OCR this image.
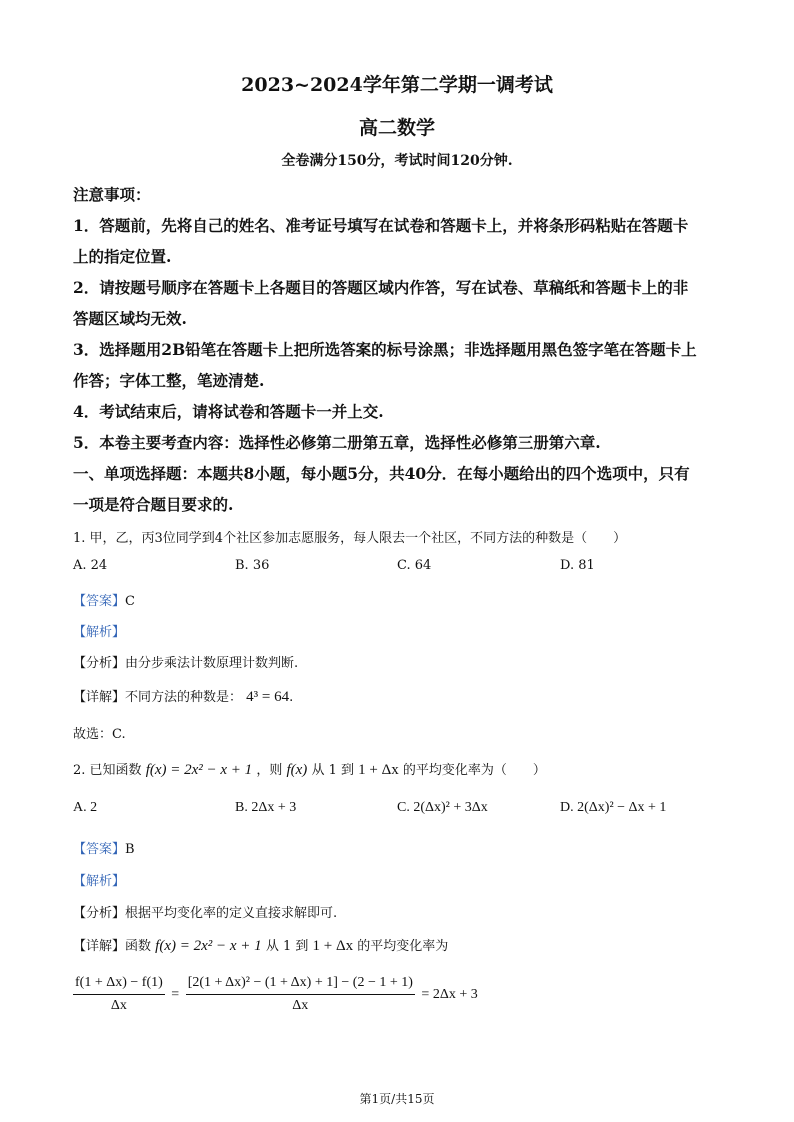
2023~2024学年第二学期一调考试
高二数学
全卷满分150分，考试时间120分钟.
注意事项：
1．答题前，先将自己的姓名、准考证号填写在试卷和答题卡上，并将条形码粘贴在答题卡
上的指定位置.
2．请按题号顺序在答题卡上各题目的答题区域内作答，写在试卷、草稿纸和答题卡上的非
答题区域均无效.
3．选择题用2B铅笔在答题卡上把所选答案的标号涂黑；非选择题用黑色签字笔在答题卡上
作答；字体工整，笔迹清楚.
4．考试结束后，请将试卷和答题卡一并上交.
5．本卷主要考查内容：选择性必修第二册第五章，选择性必修第三册第六章.
一、单项选择题：本题共8小题，每小题5分，共40分．在每小题给出的四个选项中，只有
一项是符合题目要求的.
1. 甲，乙，丙3位同学到4个社区参加志愿服务，每人限去一个社区，不同方法的种数是（　　）
A. 24	B. 36	C. 64	D. 81
【答案】C
【解析】
【分析】由分步乘法计数原理计数判断.
【详解】不同方法的种数是： 4³ = 64.
故选：C.
2. 已知函数 f(x) = 2x² − x + 1 ，则 f(x) 从 1 到 1 + Δx 的平均变化率为（　　）
A. 2	B. 2Δx + 3	C. 2(Δx)² + 3Δx	D. 2(Δx)² − Δx + 1
【答案】B
【解析】
【分析】根据平均变化率的定义直接求解即可.
【详解】函数 f(x) = 2x² − x + 1 从 1 到 1 + Δx 的平均变化率为
$\frac{f(1 + \Delta x) - f(1)}{\Delta x} = \frac{\text{[2(1 + Δx)² − (1 + Δx) + 1] − (2 − 1 + 1)}}{\Delta x} = 2\Delta x + 3$
第1页/共15页
